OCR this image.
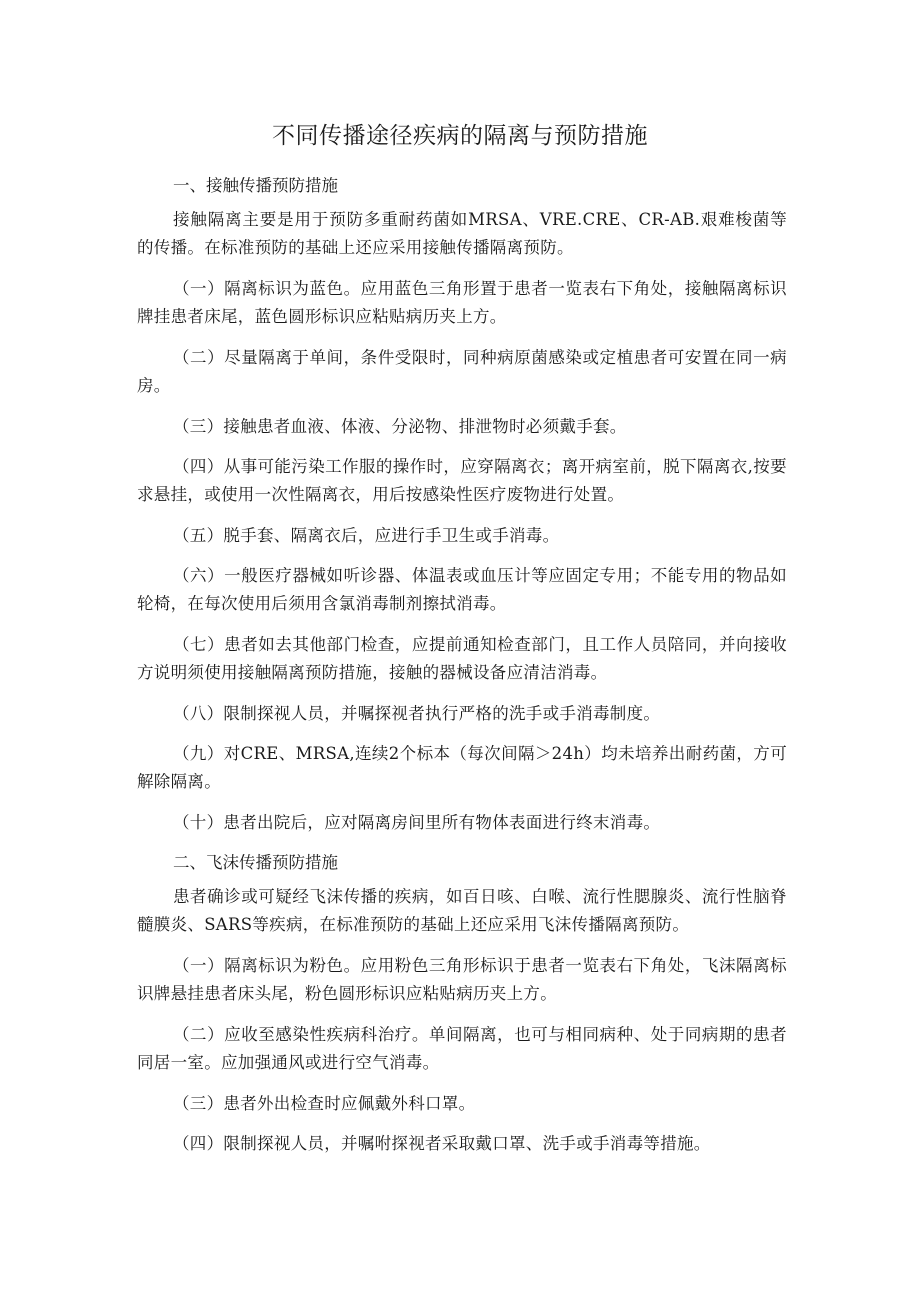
不同传播途径疾病的隔离与预防措施

一、接触传播预防措施

接触隔离主要是用于预防多重耐药菌如MRSA、VRE.CRE、CR-AB.艰难梭菌等的传播。在标准预防的基础上还应采用接触传播隔离预防。

（一）隔离标识为蓝色。应用蓝色三角形置于患者一览表右下角处，接触隔离标识牌挂患者床尾，蓝色圆形标识应粘贴病历夹上方。

（二）尽量隔离于单间，条件受限时，同种病原菌感染或定植患者可安置在同一病房。

（三）接触患者血液、体液、分泌物、排泄物时必须戴手套。

（四）从事可能污染工作服的操作时，应穿隔离衣；离开病室前，脱下隔离衣,按要求悬挂，或使用一次性隔离衣，用后按感染性医疗废物进行处置。

（五）脱手套、隔离衣后，应进行手卫生或手消毒。

（六）一般医疗器械如听诊器、体温表或血压计等应固定专用；不能专用的物品如轮椅，在每次使用后须用含氯消毒制剂擦拭消毒。

（七）患者如去其他部门检查，应提前通知检查部门，且工作人员陪同，并向接收方说明须使用接触隔离预防措施，接触的器械设备应清洁消毒。

（八）限制探视人员，并嘱探视者执行严格的洗手或手消毒制度。

（九）对CRE、MRSA,连续2个标本（每次间隔＞24h）均未培养出耐药菌，方可解除隔离。

（十）患者出院后，应对隔离房间里所有物体表面进行终末消毒。

二、飞沫传播预防措施

患者确诊或可疑经飞沫传播的疾病，如百日咳、白喉、流行性腮腺炎、流行性脑脊髓膜炎、SARS等疾病，在标准预防的基础上还应采用飞沫传播隔离预防。

（一）隔离标识为粉色。应用粉色三角形标识于患者一览表右下角处，飞沫隔离标识牌悬挂患者床头尾，粉色圆形标识应粘贴病历夹上方。

（二）应收至感染性疾病科治疗。单间隔离，也可与相同病种、处于同病期的患者同居一室。应加强通风或进行空气消毒。

（三）患者外出检查时应佩戴外科口罩。

（四）限制探视人员，并嘱咐探视者采取戴口罩、洗手或手消毒等措施。
